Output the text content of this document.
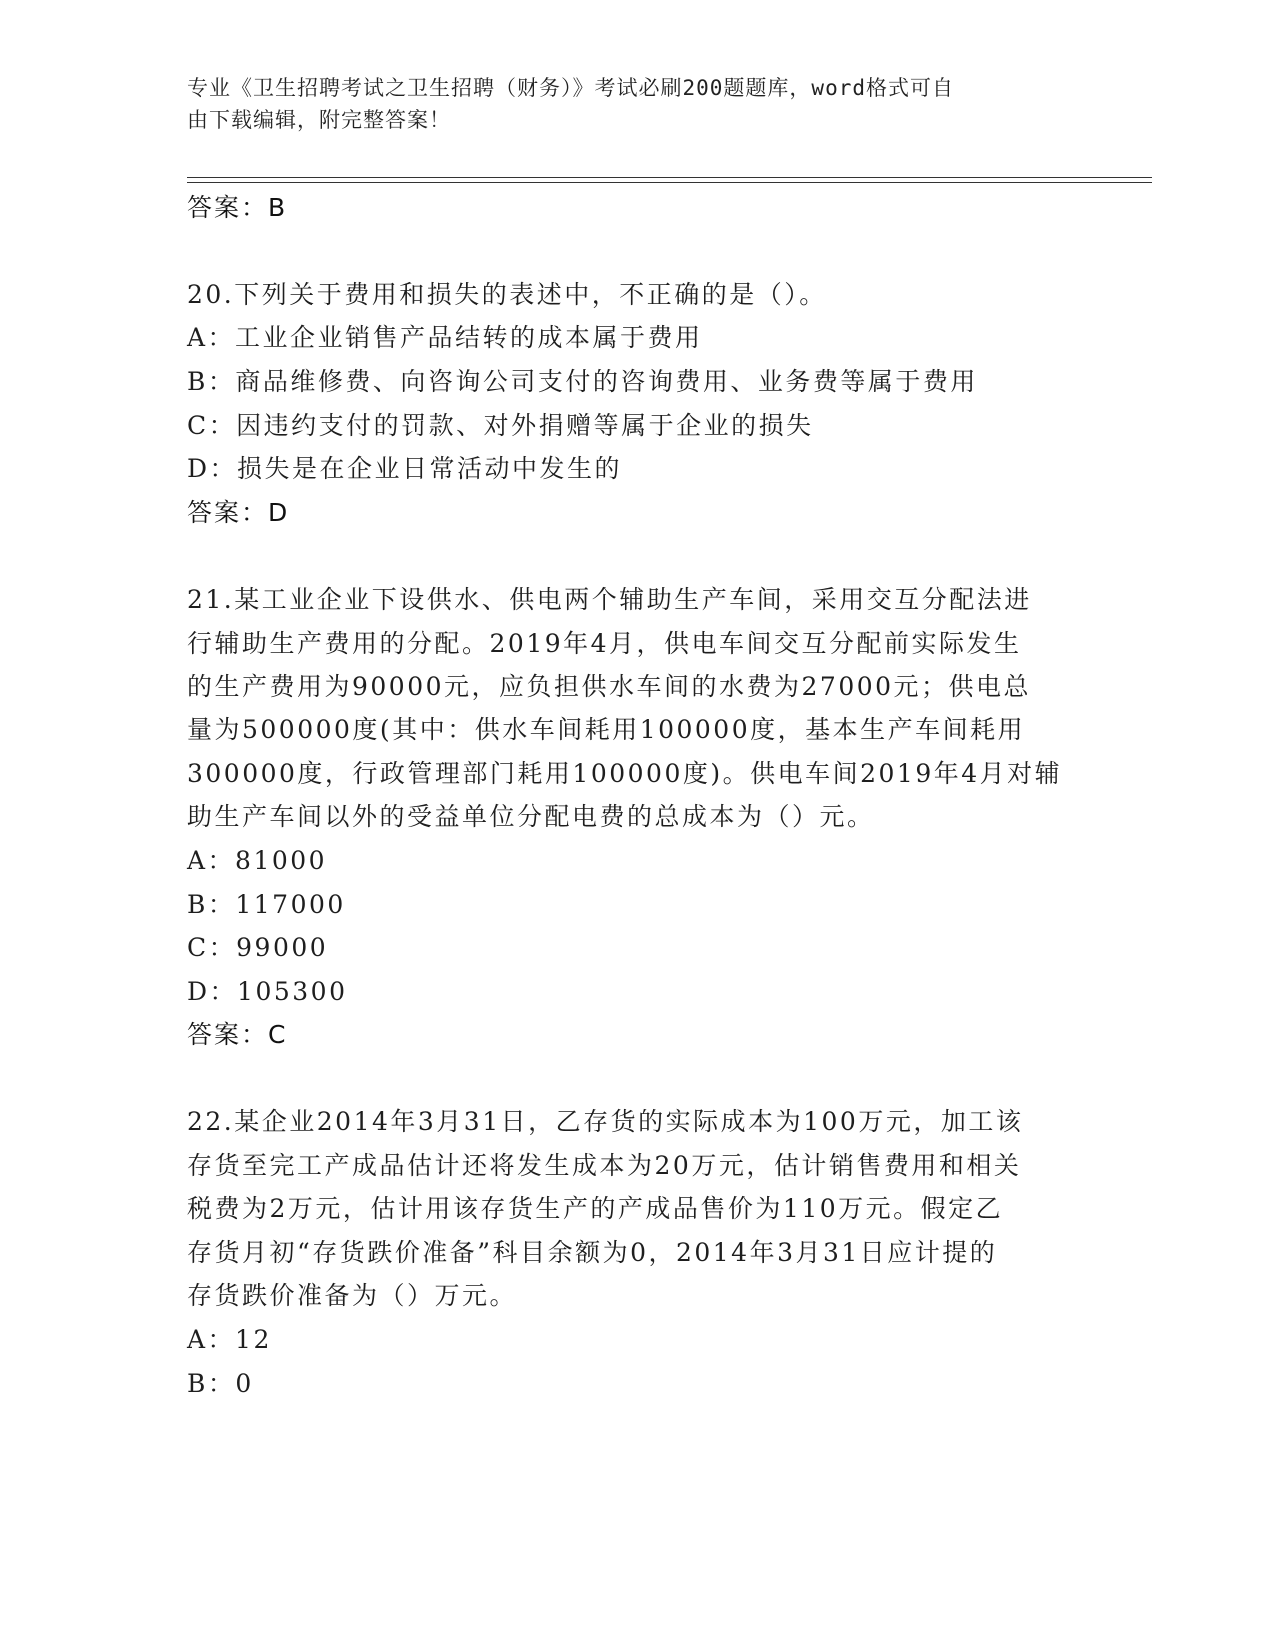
专业《卫生招聘考试之卫生招聘（财务）》考试必刷200题题库，word格式可自
由下载编辑，附完整答案！
答案：B
20.下列关于费用和损失的表述中，不正确的是（）。
A：工业企业销售产品结转的成本属于费用
B：商品维修费、向咨询公司支付的咨询费用、业务费等属于费用
C：因违约支付的罚款、对外捐赠等属于企业的损失
D：损失是在企业日常活动中发生的
答案：D
21.某工业企业下设供水、供电两个辅助生产车间，采用交互分配法进
行辅助生产费用的分配。2019年4月，供电车间交互分配前实际发生
的生产费用为90000元，应负担供水车间的水费为27000元；供电总
量为500000度(其中：供水车间耗用100000度，基本生产车间耗用
300000度，行政管理部门耗用100000度)。供电车间2019年4月对辅
助生产车间以外的受益单位分配电费的总成本为（）元。
A：81000
B：117000
C：99000
D：105300
答案：C
22.某企业2014年3月31日，乙存货的实际成本为100万元，加工该
存货至完工产成品估计还将发生成本为20万元，估计销售费用和相关
税费为2万元，估计用该存货生产的产成品售价为110万元。假定乙
存货月初“存货跌价准备”科目余额为0，2014年3月31日应计提的
存货跌价准备为（）万元。
A：12
B：0
